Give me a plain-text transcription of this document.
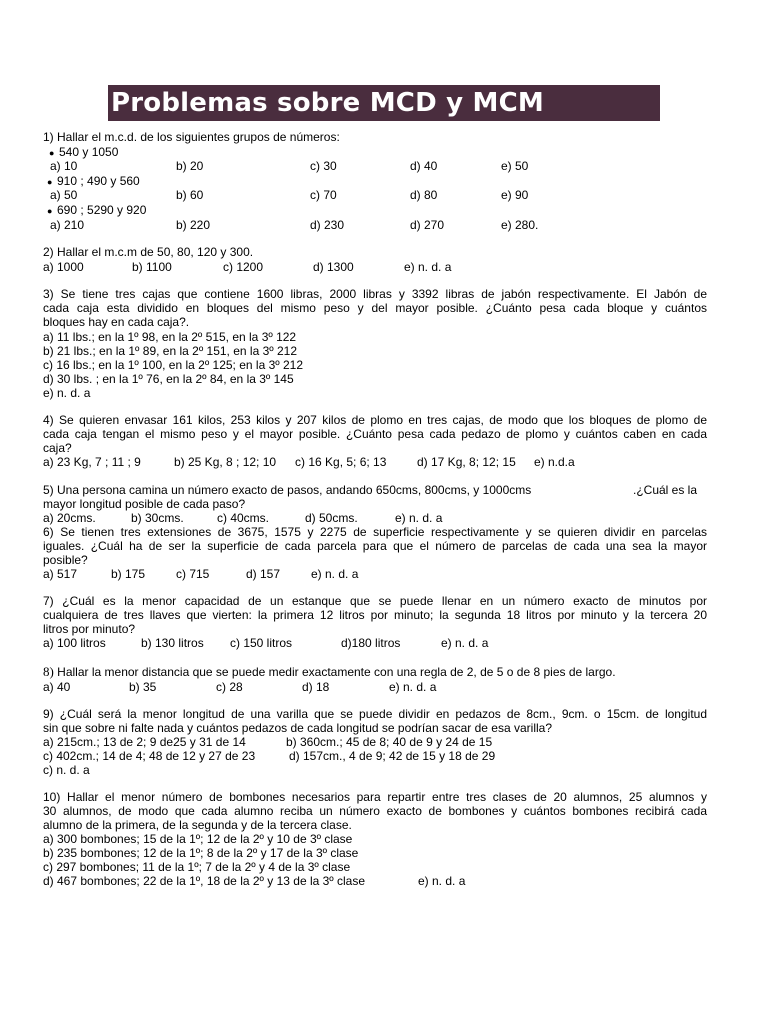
Problemas sobre MCD y MCM
1) Hallar el m.c.d. de los siguientes grupos de números:
● 540 y 1050
a) 10	b) 20	c) 30	d) 40	e) 50
● 910 ; 490 y 560
a) 50	b) 60	c) 70	d) 80	e) 90
● 690 ; 5290 y 920
a) 210	b) 220	d) 230	d) 270	e) 280.
2) Hallar el m.c.m de 50, 80, 120 y 300.
a) 1000	b) 1100	c) 1200	d) 1300	e) n. d. a
3) Se tiene tres cajas que contiene 1600 libras, 2000 libras y 3392 libras de jabón respectivamente. El Jabón de
cada caja esta dividido en bloques del mismo peso y del mayor posible. ¿Cuánto pesa cada bloque y cuántos
bloques hay en cada caja?.
a) 11 lbs.; en la 1º 98, en la 2º 515, en la 3º 122
b) 21 lbs.; en la 1º 89, en la 2º 151, en la 3º 212
c) 16 lbs.; en la 1º 100, en la 2º 125; en la 3º 212
d) 30 lbs. ; en la 1º 76, en la 2º 84, en la 3º 145
e) n. d. a
4) Se quieren envasar 161 kilos, 253 kilos y 207 kilos de plomo en tres cajas, de modo que los bloques de plomo de
cada caja tengan el mismo peso y el mayor posible. ¿Cuánto pesa cada pedazo de plomo y cuántos caben en cada
caja?
a) 23 Kg, 7 ; 11 ; 9	b) 25 Kg, 8 ; 12; 10 c) 16 Kg, 5; 6; 13	d) 17 Kg, 8; 12; 15 e) n.d.a
5) Una persona camina un número exacto de pasos, andando 650cms, 800cms, y 1000cms	.¿Cuál es la
mayor longitud posible de cada paso?
a) 20cms.	b) 30cms.	c) 40cms.	d) 50cms.	e) n. d. a
6) Se tienen tres extensiones de 3675, 1575 y 2275 de superficie respectivamente y se quieren dividir en parcelas
iguales. ¿Cuál ha de ser la superficie de cada parcela para que el número de parcelas de cada una sea la mayor
posible?
a) 517	b) 175	c) 715	d) 157	e) n. d. a
7) ¿Cuál es la menor capacidad de un estanque que se puede llenar en un número exacto de minutos por
cualquiera de tres llaves que vierten: la primera 12 litros por minuto; la segunda 18 litros por minuto y la tercera 20
litros por minuto?
a) 100 litros	b) 130 litros c) 150 litros	d)180 litros	e) n. d. a
8) Hallar la menor distancia que se puede medir exactamente con una regla de 2, de 5 o de 8 pies de largo.
a) 40	b) 35	c) 28	d) 18	e) n. d. a
9) ¿Cuál será la menor longitud de una varilla que se puede dividir en pedazos de 8cm., 9cm. o 15cm. de longitud
sin que sobre ni falte nada y cuántos pedazos de cada longitud se podrían sacar de esa varilla?
a) 215cm.; 13 de 2; 9 de25 y 31 de 14	b) 360cm.; 45 de 8; 40 de 9 y 24 de 15
c) 402cm.; 14 de 4; 48 de 12 y 27 de 23	d) 157cm., 4 de 9; 42 de 15 y 18 de 29
c) n. d. a
10) Hallar el menor número de bombones necesarios para repartir entre tres clases de 20 alumnos, 25 alumnos y
30 alumnos, de modo que cada alumno reciba un número exacto de bombones y cuántos bombones recibirá cada
alumno de la primera, de la segunda y de la tercera clase.
a) 300 bombones; 15 de la 1º; 12 de la 2º y 10 de 3º clase
b) 235 bombones; 12 de la 1º; 8 de la 2º y 17 de la 3º clase
c) 297 bombones; 11 de la 1º; 7 de la 2º y 4 de la 3º clase
d) 467 bombones; 22 de la 1º, 18 de la 2º y 13 de la 3º clase	e) n. d. a
